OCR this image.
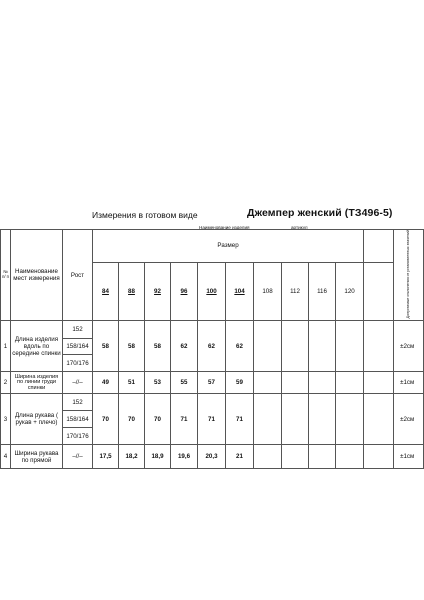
Измерения в готовом виде	Джемпер женский (ТЗ496-5)
Наименование изделия	артикул
№ п/ п	Наименование мест измерения	Рост	Размер											Допустимые отклонения от установленных значений
			84	88	92	96	100	104	108	112	116	120		
1	Длина изделия вдоль по середине спинки	152	58	58	58	62	62	62						±2см
		158/164												
		170/176												
2	Ширина изделия по линии груди спинки	–//–	49	51	53	55	57	59						±1см
3	Длина рукава ( рукав + плечо)	152	70	70	70	71	71	71						±2см
		158/164												
		170/176												
4	Ширина рукава по прямой	–//–	17,5	18,2	18,9	19,6	20,3	21						±1см
